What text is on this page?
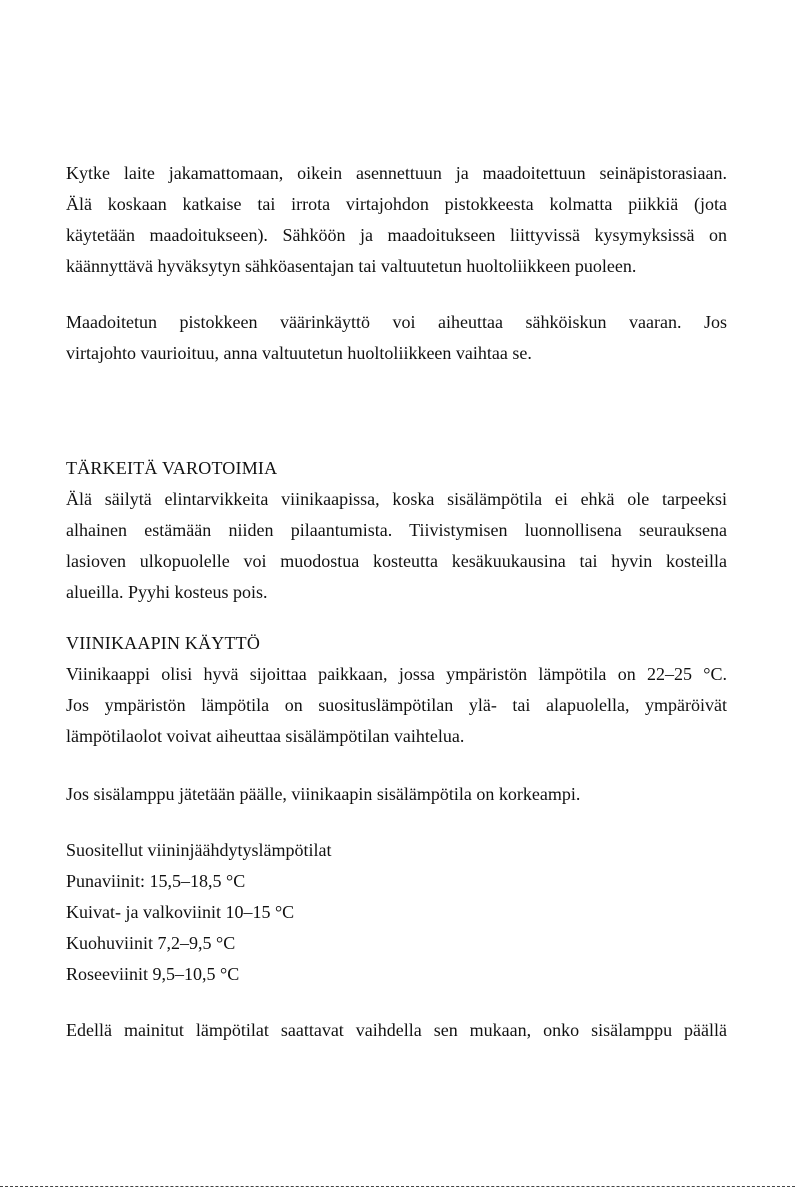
Kytke laite jakamattomaan, oikein asennettuun ja maadoitettuun seinäpistorasiaan.
Älä koskaan katkaise tai irrota virtajohdon pistokkeesta kolmatta piikkiä (jota
käytetään maadoitukseen). Sähköön ja maadoitukseen liittyvissä kysymyksissä on
käännyttävä hyväksytyn sähköasentajan tai valtuutetun huoltoliikkeen puoleen.
Maadoitetun pistokkeen väärinkäyttö voi aiheuttaa sähköiskun vaaran. Jos
virtajohto vaurioituu, anna valtuutetun huoltoliikkeen vaihtaa se.
TÄRKEITÄ VAROTOIMIA
Älä säilytä elintarvikkeita viinikaapissa, koska sisälämpötila ei ehkä ole tarpeeksi
alhainen estämään niiden pilaantumista. Tiivistymisen luonnollisena seurauksena
lasioven ulkopuolelle voi muodostua kosteutta kesäkuukausina tai hyvin kosteilla
alueilla. Pyyhi kosteus pois.
VIINIKAAPIN KÄYTTÖ
Viinikaappi olisi hyvä sijoittaa paikkaan, jossa ympäristön lämpötila on 22–25 °C.
Jos ympäristön lämpötila on suosituslämpötilan ylä- tai alapuolella, ympäröivät
lämpötilaolot voivat aiheuttaa sisälämpötilan vaihtelua.
Jos sisälamppu jätetään päälle, viinikaapin sisälämpötila on korkeampi.
Suositellut viininjäähdytyslämpötilat
Punaviinit: 15,5–18,5 °C
Kuivat- ja valkoviinit 10–15 °C
Kuohuviinit 7,2–9,5 °C
Roseeviinit 9,5–10,5 °C
Edellä mainitut lämpötilat saattavat vaihdella sen mukaan, onko sisälamppu päällä
